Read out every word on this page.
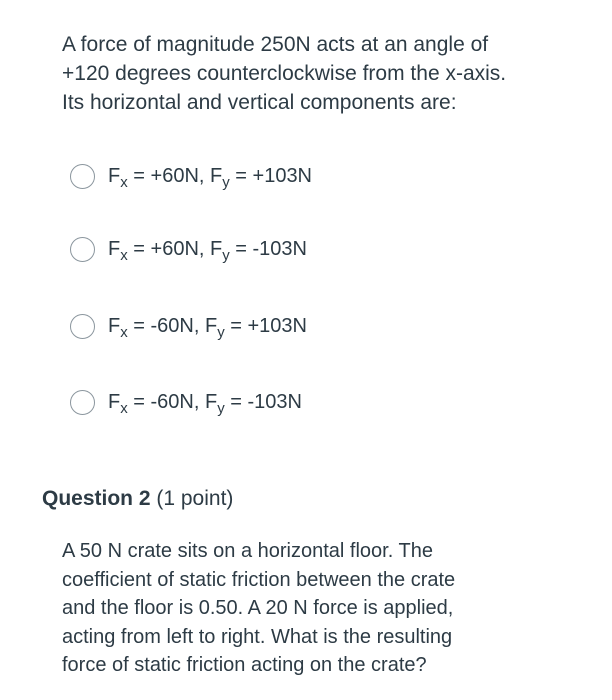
A force of magnitude 250N acts at an angle of
+120 degrees counterclockwise from the x-axis.
Its horizontal and vertical components are:
$F_x = +60N$, $F_y = +103N$
$F_x = +60N$, $F_y = -103N$
$F_x = -60N$, $F_y = +103N$
$F_x = -60N$, $F_y = -103N$
Question 2 (1 point)
A 50 N crate sits on a horizontal floor. The
coefficient of static friction between the crate
and the floor is 0.50. A 20 N force is applied,
acting from left to right. What is the resulting
force of static friction acting on the crate?
